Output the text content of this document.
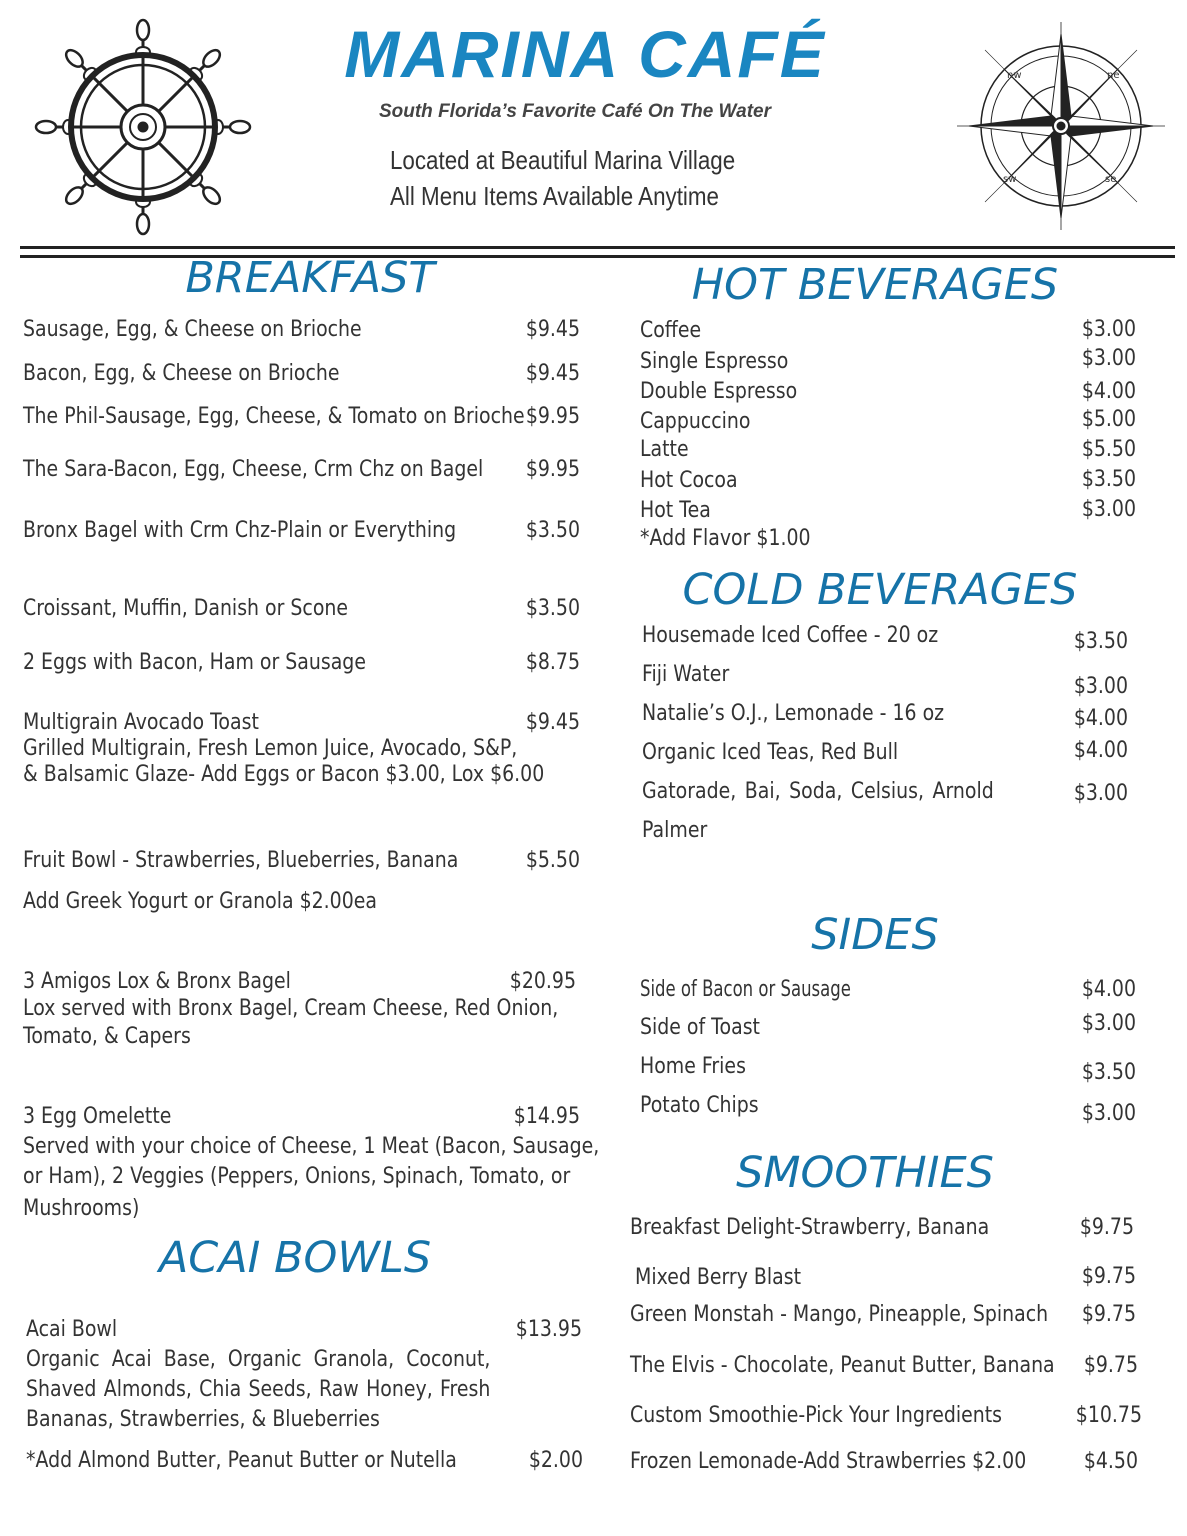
nw	ne
sw	se
MARINA CAFÉ
South Florida’s Favorite Café On The Water
Located at Beautiful Marina Village
All Menu Items Available Anytime
BREAKFAST
Sausage, Egg, & Cheese on Brioche	$9.45
Bacon, Egg, & Cheese on Brioche	$9.45
The Phil-Sausage, Egg, Cheese, & Tomato on Brioche $9.95
The Sara-Bacon, Egg, Cheese, Crm Chz on Bagel $9.95
Bronx Bagel with Crm Chz-Plain or Everything	$3.50
Croissant, Muffin, Danish or Scone	$3.50
2 Eggs with Bacon, Ham or Sausage	$8.75
Multigrain Avocado Toast	$9.45
Grilled Multigrain, Fresh Lemon Juice, Avocado, S&P,
& Balsamic Glaze- Add Eggs or Bacon $3.00, Lox $6.00
Fruit Bowl - Strawberries, Blueberries, Banana	$5.50
Add Greek Yogurt or Granola $2.00ea
3 Amigos Lox & Bronx Bagel	$20.95
Lox served with Bronx Bagel, Cream Cheese, Red Onion,
Tomato, & Capers
3 Egg Omelette	$14.95
Served with your choice of Cheese, 1 Meat (Bacon, Sausage,
or Ham), 2 Veggies (Peppers, Onions, Spinach, Tomato, or
Mushrooms)
ACAI BOWLS
Acai Bowl	$13.95
Organic Acai Base, Organic Granola, Coconut,
Shaved Almonds, Chia Seeds, Raw Honey, Fresh
Bananas, Strawberries, & Blueberries
*Add Almond Butter, Peanut Butter or Nutella	$2.00
HOT BEVERAGES
Coffee	$3.00
Single Espresso	$3.00
Double Espresso	$4.00
Cappuccino	$5.00
Latte	$5.50
Hot Cocoa	$3.50
Hot Tea	$3.00
*Add Flavor $1.00
COLD BEVERAGES
Housemade Iced Coffee - 20 oz	$3.50
Fiji Water	$3.00
Natalie’s O.J., Lemonade - 16 oz	$4.00
Organic Iced Teas, Red Bull	$4.00
Gatorade, Bai, Soda, Celsius, Arnold	$3.00
Palmer
SIDES
Side of Bacon or Sausage	$4.00
Side of Toast	$3.00
Home Fries	$3.50
Potato Chips	$3.00
SMOOTHIES
Breakfast Delight-Strawberry, Banana	$9.75
Mixed Berry Blast	$9.75
Green Monstah - Mango, Pineapple, Spinach $9.75
The Elvis - Chocolate, Peanut Butter, Banana $9.75
Custom Smoothie-Pick Your Ingredients	$10.75
Frozen Lemonade-Add Strawberries $2.00	$4.50
